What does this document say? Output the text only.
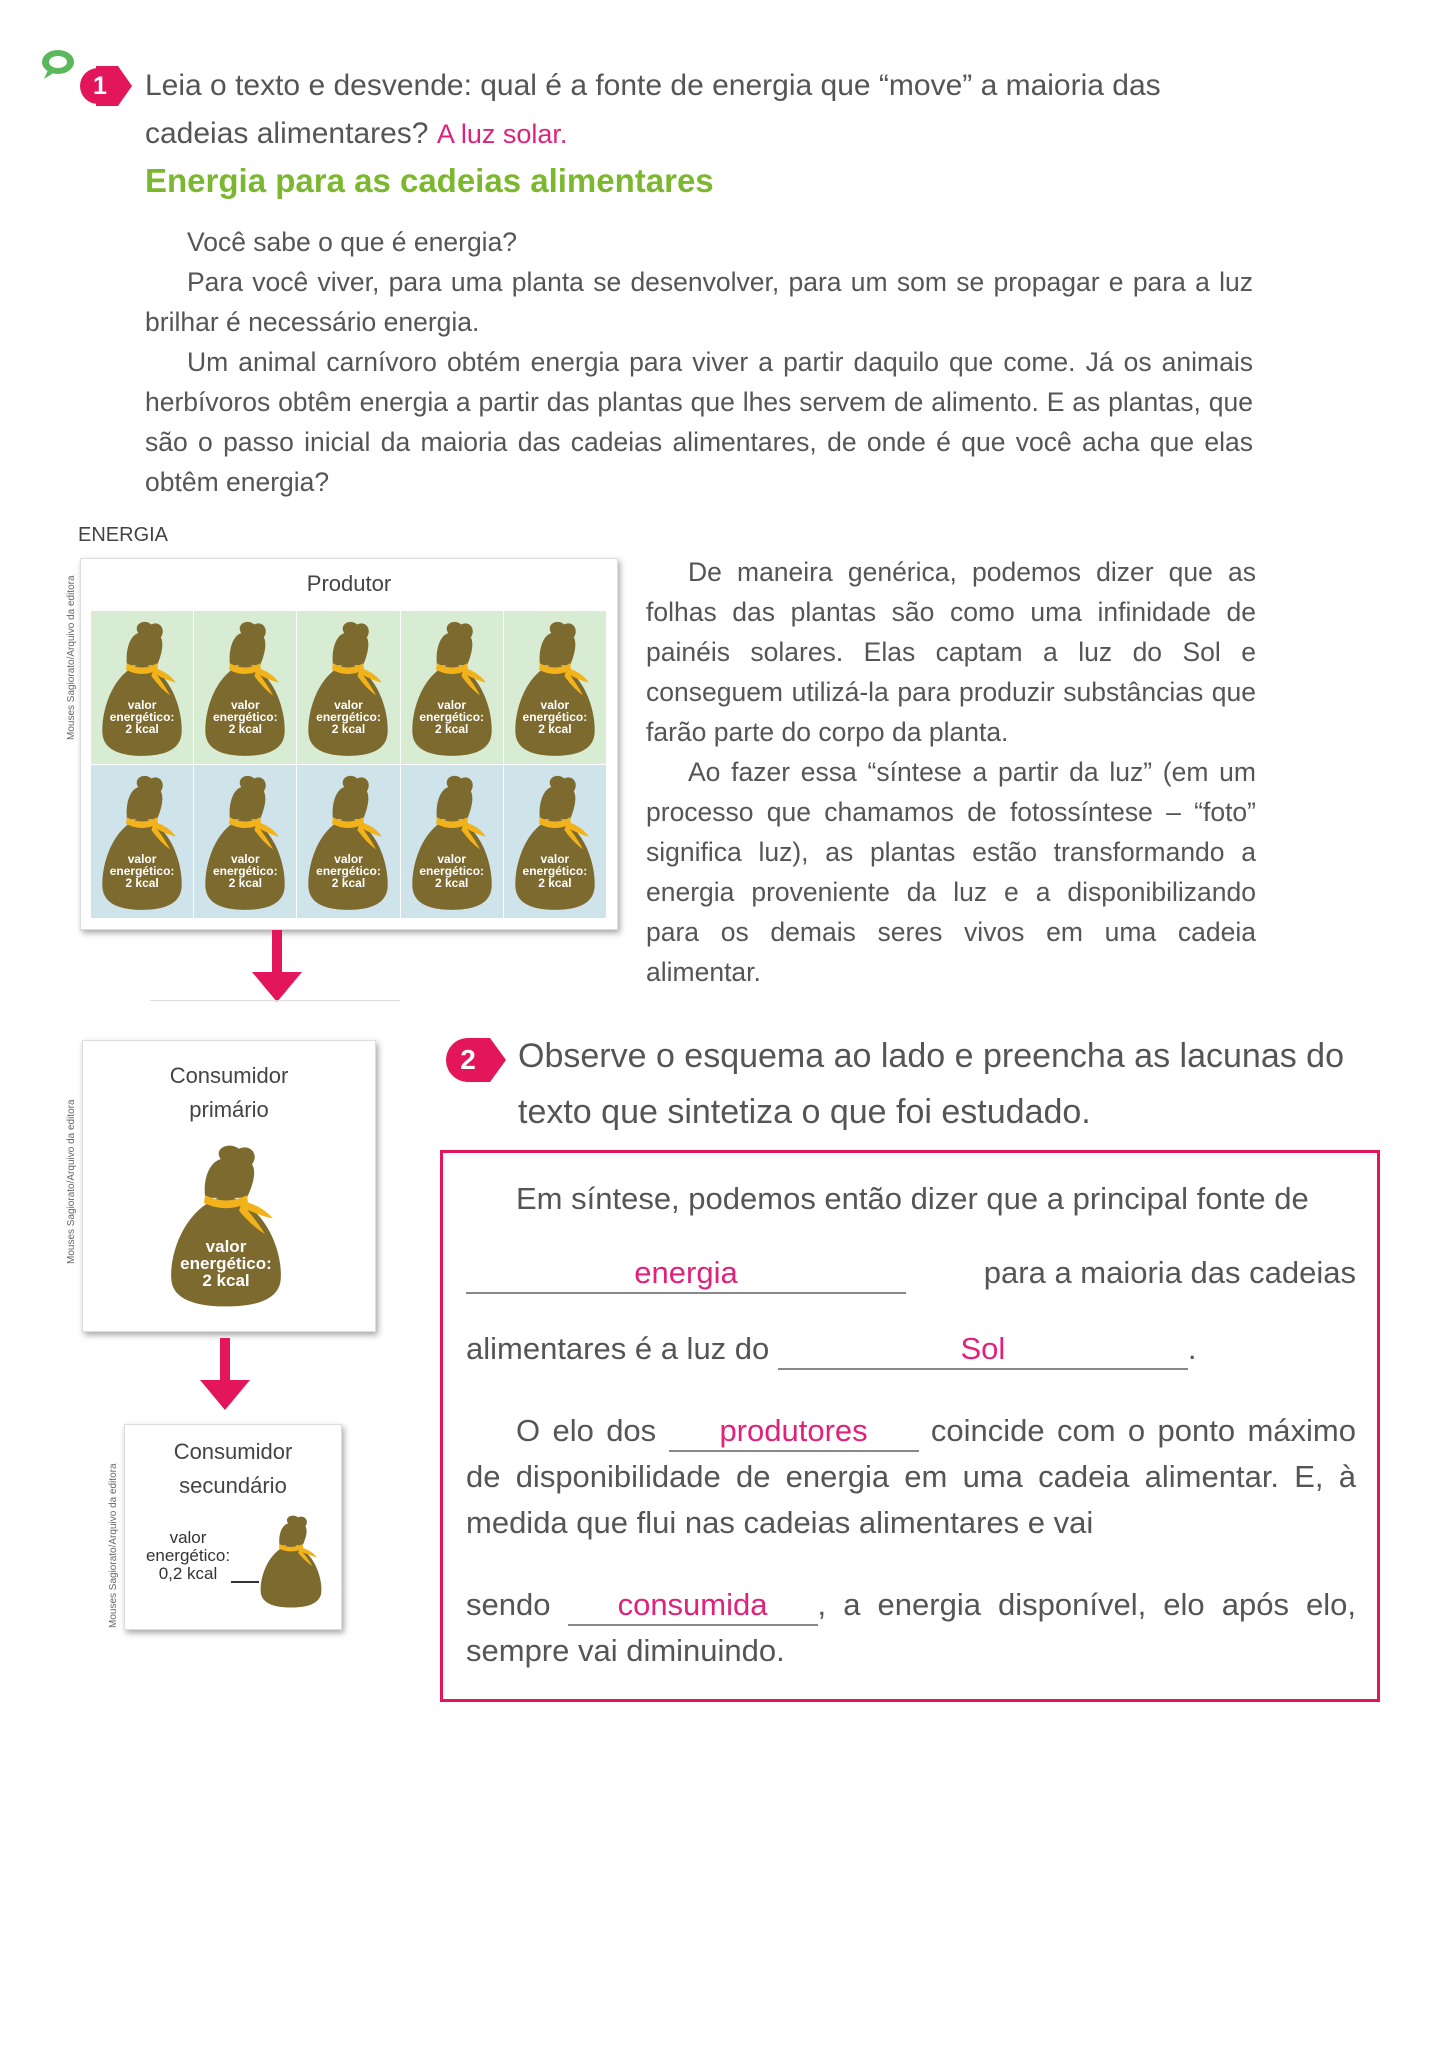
1 Leia o texto e desvende: qual é a fonte de energia que “move” a maioria das
cadeias alimentares? A luz solar.
Energia para as cadeias alimentares
Você sabe o que é energia?
Para você viver, para uma planta se desenvolver, para um som se propagar e para a luz brilhar é necessário energia.
Um animal carnívoro obtém energia para viver a partir daquilo que come. Já os animais herbívoros obtêm energia a partir das plantas que lhes servem de alimento. E as plantas, que são o passo inicial da maioria das cadeias alimentares, de onde é que você acha que elas obtêm energia?
ENERGIA
Mouses Sagiorato/Arquivo da editora	Produtor
valor
energético:
2 kcal
valor
energético:
2 kcal
valor
energético:
2 kcal
valor
energético:
2 kcal
valor
energético:
2 kcal
valor
energético:
2 kcal
valor
energético:
2 kcal
valor
energético:
2 kcal
valor
energético:
2 kcal
valor
energético:
2 kcal
De maneira genérica, podemos dizer que as folhas das plantas são como uma infinidade de painéis solares. Elas captam a luz do Sol e conseguem utilizá-la para produzir substâncias que farão parte do corpo da planta.
Ao fazer essa “síntese a partir da luz” (em um processo que chamamos de fotossíntese – “foto” significa luz), as plantas estão transformando a energia proveniente da luz e a disponibilizando para os demais seres vivos em uma cadeia alimentar.
Mouses Sagiorato/Arquivo da editora
Consumidor
primário
valor
energético:
2 kcal
Mouses Sagiorato/Arquivo da editora
Consumidor
secundário
valor
energético:
0,2 kcal
2 Observe o esquema ao lado e preencha as lacunas do texto que sintetiza o que foi estudado.
Em síntese, podemos então dizer que a principal fonte de
energia	para a maioria das cadeias
alimentares é a luz do	Sol	.
O elo dos produtores coincide com o ponto máximo de disponibilidade de energia em uma cadeia alimentar. E, à medida que flui nas cadeias alimentares e vai
sendo consumida , a energia disponível, elo após elo, sempre vai diminuindo.
